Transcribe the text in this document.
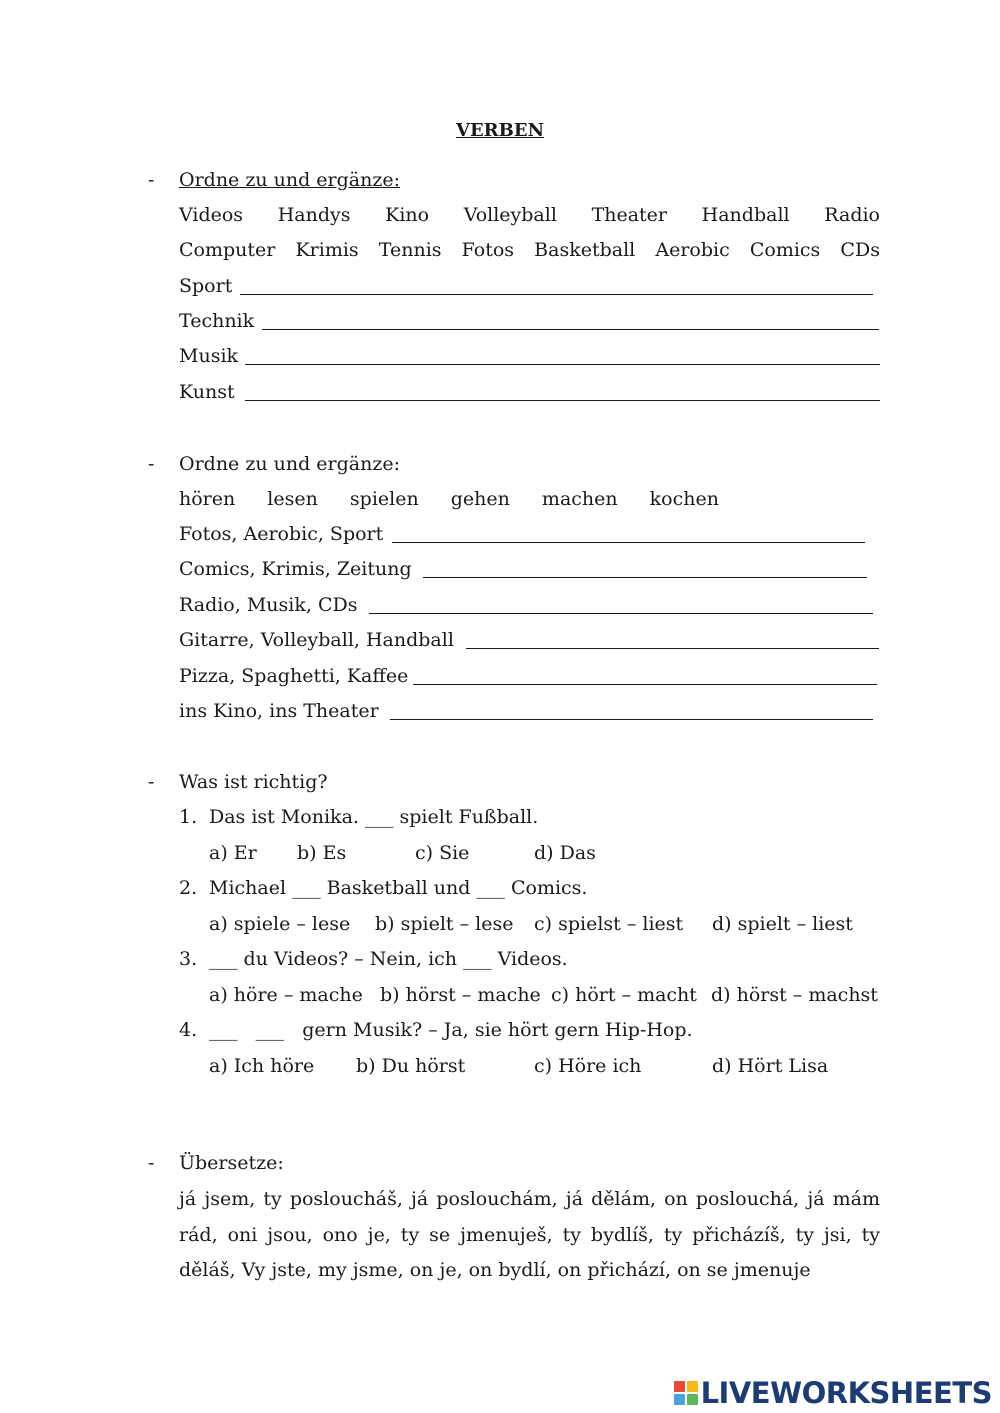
VERBEN
- Ordne zu und ergänze:
Videos Handys Kino Volleyball Theater Handball Radio
Computer Krimis Tennis Fotos Basketball Aerobic Comics CDs
Sport
Technik
Musik
Kunst
- Ordne zu und ergänze:
hören lesen spielen gehen machen kochen
Fotos, Aerobic, Sport
Comics, Krimis, Zeitung
Radio, Musik, CDs
Gitarre, Volleyball, Handball
Pizza, Spaghetti, Kaffee
ins Kino, ins Theater
- Was ist richtig?
1. Das ist Monika. ___ spielt Fußball.
a) Er b) Es	c) Sie	d) Das
2. Michael ___ Basketball und ___ Comics.
a) spiele – lese b) spielt – lese c) spielst – liest d) spielt – liest
3. ___ du Videos? – Nein, ich ___ Videos.
a) höre – mache b) hörst – mache c) hört – macht d) hörst – machst
4. ___   ___   gern Musik? – Ja, sie hört gern Hip-Hop.
a) Ich höre b) Du hörst	c) Höre ich	d) Hört Lisa
- Übersetze:
já jsem, ty posloucháš, já poslouchám, já dělám, on poslouchá, já mám
rád, oni jsou, ono je, ty se jmenuješ, ty bydlíš, ty přicházíš, ty jsi, ty
děláš, Vy jste, my jsme, on je, on bydlí, on přichází, on se jmenuje
LIVEWORKSHEETS
